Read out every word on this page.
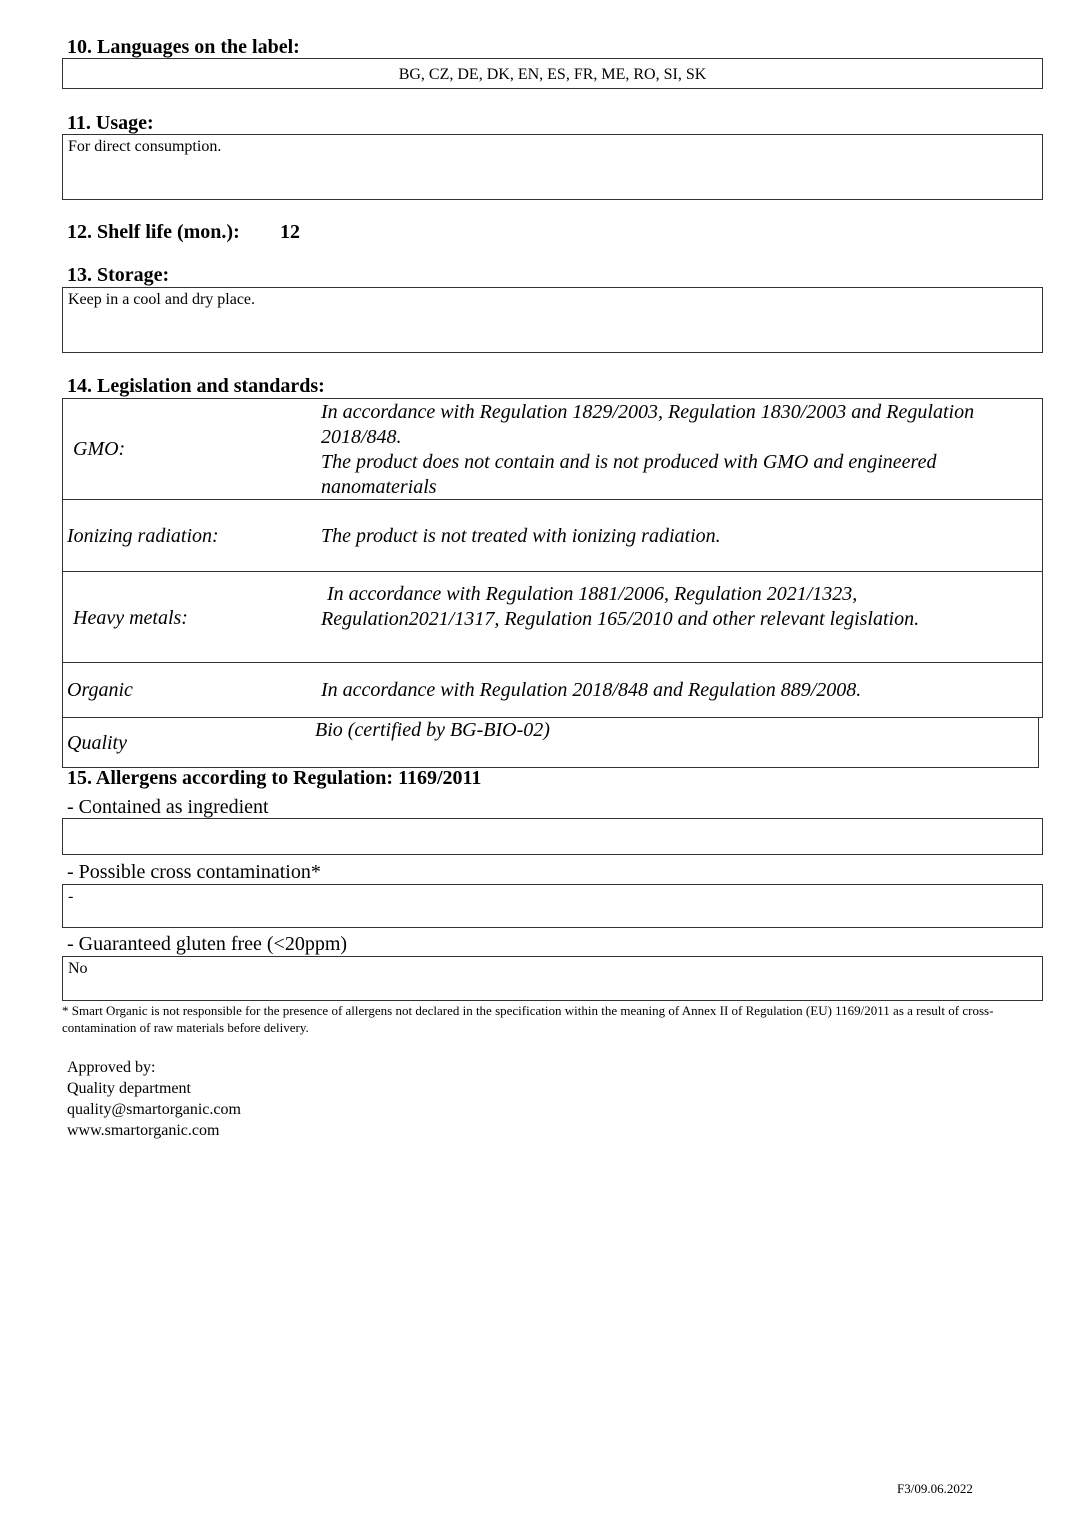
10. Languages on the label:
BG, CZ, DE, DK, EN, ES, FR, ME, RO, SI, SK
11. Usage:
For direct consumption.
12. Shelf life (mon.): 12
13. Storage:
Keep in a cool and dry place.
14. Legislation and standards:
GMO:
In accordance with Regulation 1829/2003, Regulation 1830/2003 and Regulation 2018/848.
The product does not contain and is not produced with GMO and engineered nanomaterials
Ionizing radiation:	The product is not treated with ionizing radiation.
Heavy metals:
In accordance with Regulation 1881/2006, Regulation 2021/1323, Regulation2021/1317, Regulation 165/2010 and other relevant legislation.
Organic	In accordance with Regulation 2018/848 and Regulation 889/2008.
Quality
Bio (certified by BG-BIO-02)
15. Allergens according to Regulation: 1169/2011
- Contained as ingredient
- Possible cross contamination*
-
- Guaranteed gluten free (<20ppm)
No
* Smart Organic is not responsible for the presence of allergens not declared in the specification within the meaning of Annex II of Regulation (EU) 1169/2011 as a result of cross-contamination of raw materials before delivery.
Approved by:
Quality department
quality@smartorganic.com
www.smartorganic.com
F3/09.06.2022
